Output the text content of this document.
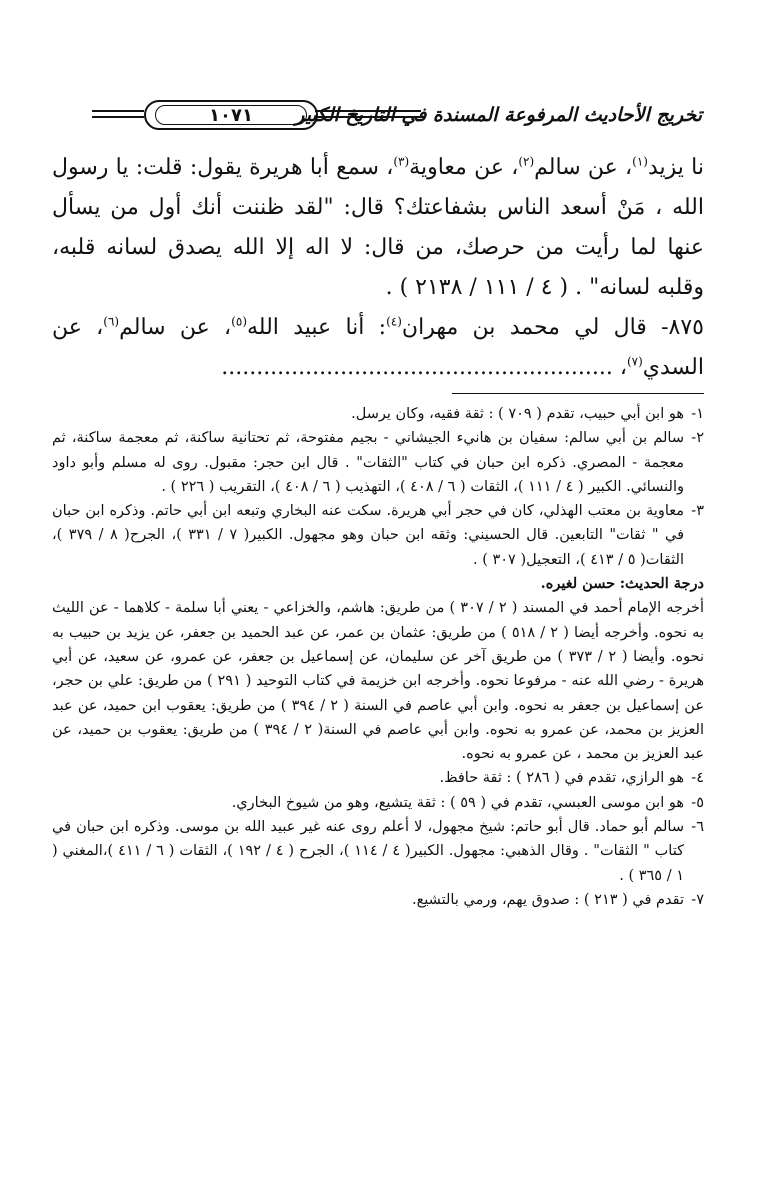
تخريج الأحاديث المرفوعة المسندة في التاريخ الكبير
١٠٧١

نا يزيد$^{(١)}$، عن سالم$^{(٢)}$، عن معاوية$^{(٣)}$، سمع أبا هريرة يقول: قلت: يا رسول الله ، مَنْ أسعد الناس بشفاعتك؟ قال: "لقد ظننت أنك أول من يسأل عنها لما رأيت من حرصك، من قال: لا اله إلا الله يصدق لسانه قلبه، وقلبه لسانه" . ( ٤ / ١١١ / ٢١٣٨ ) .

٨٧٥- قال لي محمد بن مهران$^{(٤)}$: أنا عبيد الله$^{(٥)}$، عن سالم$^{(٦)}$، عن السدي$^{(٧)}$، ........................................................

١-هو ابن أبي حبيب، تقدم ( ٧٠٩ ) : ثقة فقيه، وكان يرسل.

٢-سالم بن أبي سالم: سفيان بن هانيء الجيشاني - بجيم مفتوحة، ثم تحتانية ساكنة، ثم معجمة ساكنة، ثم معجمة - المصري. ذكره ابن حبان في كتاب "الثقات" . قال ابن حجر: مقبول. روى له مسلم وأبو داود والنسائي. الكبير ( ٤ / ١١١ )، الثقات ( ٦ / ٤٠٨ )، التهذيب ( ٦ / ٤٠٨ )، التقريب ( ٢٢٦ ) .

٣-معاوية بن معتب الهذلي، كان في حجر أبي هريرة. سكت عنه البخاري وتبعه ابن أبي حاتم. وذكره ابن حبان في " ثقات" التابعين. قال الحسيني: وثقه ابن حبان وهو مجهول. الكبير( ٧ / ٣٣١ )، الجرح( ٨ / ٣٧٩ )، الثقات( ٥ / ٤١٣ )، التعجيل( ٣٠٧ ) .

درجة الحديث: حسن لغيره.

أخرجه الإمام أحمد في المسند ( ٢ / ٣٠٧ ) من طريق: هاشم، والخزاعي - يعني أبا سلمة - كلاهما - عن الليث به نحوه. وأخرجه أيضا ( ٢ / ٥١٨ ) من طريق: عثمان بن عمر، عن عبد الحميد بن جعفر، عن يزيد بن حبيب به نحوه. وأيضا ( ٢ / ٣٧٣ ) من طريق آخر عن سليمان، عن إسماعيل بن جعفر، عن عمرو، عن سعيد، عن أبي هريرة - رضي الله عنه - مرفوعا نحوه. وأخرجه ابن خزيمة في كتاب التوحيد ( ٢٩١ ) من طريق: علي بن حجر، عن إسماعيل بن جعفر به نحوه. وابن أبي عاصم في السنة ( ٢ / ٣٩٤ ) من طريق: يعقوب ابن حميد، عن عبد العزيز بن محمد، عن عمرو به نحوه. وابن أبي عاصم في السنة( ٢ / ٣٩٤ ) من طريق: يعقوب بن حميد، عن عبد العزيز بن محمد ، عن عمرو به نحوه.

٤-هو الرازي، تقدم في ( ٢٨٦ ) : ثقة حافظ.

٥-هو ابن موسى العبسي، تقدم في ( ٥٩ ) : ثقة يتشيع، وهو من شيوخ البخاري.

٦-سالم أبو حماد. قال أبو حاتم: شيخ مجهول، لا أعلم روى عنه غير عبيد الله بن موسى. وذكره ابن حبان في كتاب " الثقات" . وقال الذهبي: مجهول. الكبير( ٤ / ١١٤ )، الجرح ( ٤ / ١٩٢ )، الثقات ( ٦ / ٤١١ )،المغني ( ١ / ٣٦٥ ) .

٧-تقدم في ( ٢١٣ ) : صدوق يهم، ورمي بالتشيع.
